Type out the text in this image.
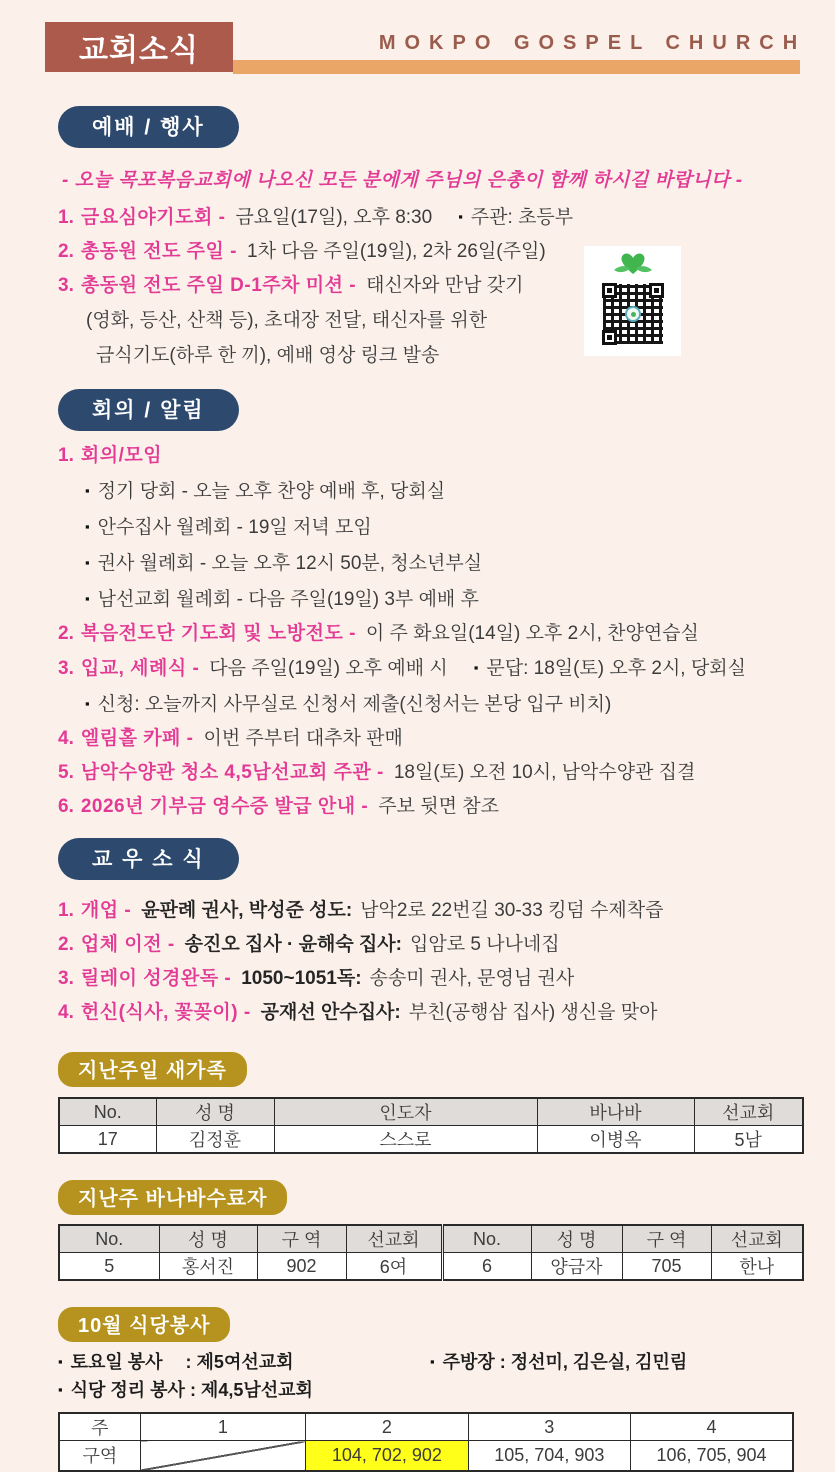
교회소식	MOKPO GOSPEL CHURCH
예배 / 행사
- 오늘 목포복음교회에 나오신 모든 분에게 주님의 은총이 함께 하시길 바랍니다 -
1. 금요심야기도회 - 금요일(17일), 오후 8:30 ▪ 주관: 초등부
2. 총동원 전도 주일 - 1차 다음 주일(19일), 2차 26일(주일)
3. 총동원 전도 주일 D-1주차 미션 - 태신자와 만남 갖기
(영화, 등산, 산책 등), 초대장 전달, 태신자를 위한
금식기도(하루 한 끼), 예배 영상 링크 발송
회의 / 알림
1. 회의/모임
▪ 정기 당회 - 오늘 오후 찬양 예배 후, 당회실
▪ 안수집사 월례회 - 19일 저녁 모임
▪ 권사 월례회 - 오늘 오후 12시 50분, 청소년부실
▪ 남선교회 월례회 - 다음 주일(19일) 3부 예배 후
2. 복음전도단 기도회 및 노방전도 - 이 주 화요일(14일) 오후 2시, 찬양연습실
3. 입교, 세례식 - 다음 주일(19일) 오후 예배 시 ▪ 문답: 18일(토) 오후 2시, 당회실
▪ 신청: 오늘까지 사무실로 신청서 제출(신청서는 본당 입구 비치)
4. 엘림홀 카페 - 이번 주부터 대추차 판매
5. 남악수양관 청소 4,5남선교회 주관 - 18일(토) 오전 10시, 남악수양관 집결
6. 2026년 기부금 영수증 발급 안내 - 주보 뒷면 참조
교 우 소 식
1. 개업 - 윤판례 권사, 박성준 성도: 남악2로 22번길 30-33 킹덤 수제착즙
2. 업체 이전 - 송진오 집사 · 윤해숙 집사: 입암로 5 나나네집
3. 릴레이 성경완독 - 1050~1051독: 송송미 권사, 문영님 권사
4. 헌신(식사, 꽃꽂이) - 공재선 안수집사: 부친(공행삼 집사) 생신을 맞아
지난주일 새가족
No.	성 명	인도자	바나바	선교회
17	김정훈	스스로	이병옥	5남
지난주 바나바수료자
No.	성 명	구 역	선교회	No.	성 명	구 역	선교회
5	홍서진	902	6여	6	양금자	705	한나
10월 식당봉사
▪ 토요일 봉사　 : 제5여선교회	▪ 주방장 : 정선미, 김은실, 김민림
▪ 식당 정리 봉사 : 제4,5남선교회
주	1	2	3	4
구역		104, 702, 902	105, 704, 903	106, 705, 904
